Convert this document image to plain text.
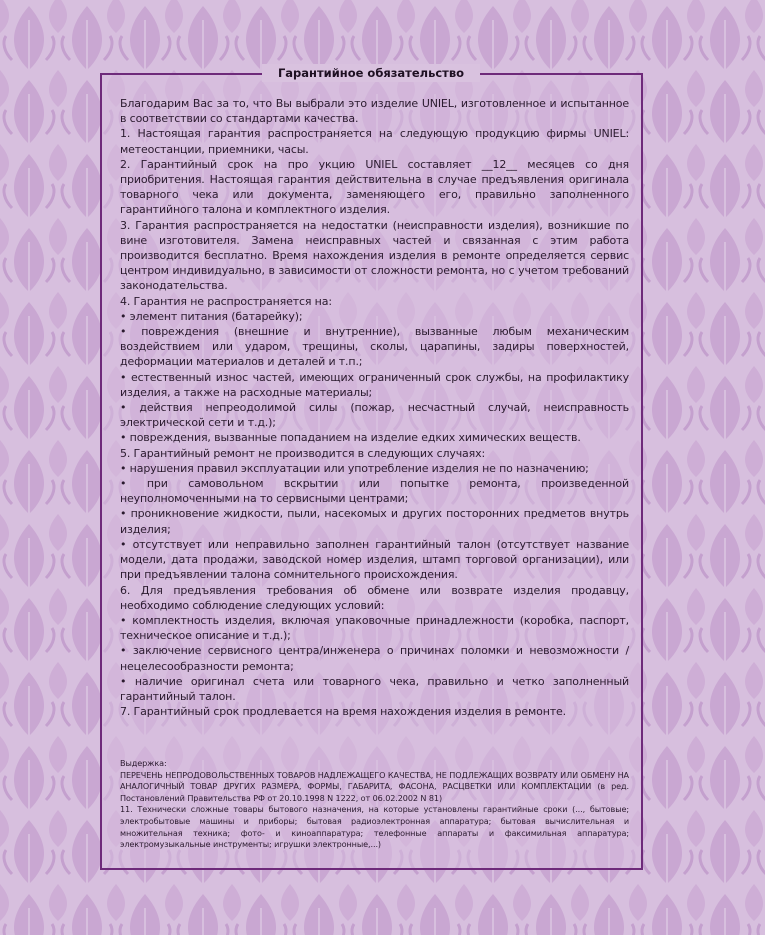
Гарантийное обязательство

Благодарим Вас за то, что Вы выбрали это изделие UNIEL, изготовленное и испытанное в соответствии со стандартами качества.

1. Настоящая гарантия распространяется на следующую продукцию фирмы UNIEL: метеостанции, приемники, часы.

2. Гарантийный срок на про укцию UNIEL составляет __12__ месяцев со дня приобритения. Настоящая гарантия действительна в случае предъявления оригинала товарного чека или документа, заменяющего его, правильно заполненного гарантийного талона и комплектного изделия.

3. Гарантия распространяется на недостатки (неисправности изделия), возникшие по вине изготовителя. Замена неисправных частей и связанная с этим работа производится бесплатно. Время нахождения изделия в ремонте определяется сервис центром индивидуально, в зависимости от сложности ремонта, но с учетом требований законодательства.

4. Гарантия не распространяется на:

• элемент питания (батарейку);

• повреждения (внешние и внутренние), вызванные любым механическим воздействием или ударом, трещины, сколы, царапины, задиры поверхностей, деформации материалов и деталей и т.п.;

• естественный износ частей, имеющих ограниченный срок службы, на профилактику изделия, а также на расходные материалы;

• действия непреодолимой силы (пожар, несчастный случай, неисправность электрической сети и т.д.);

• повреждения, вызванные попаданием на изделие едких химических веществ.

5. Гарантийный ремонт не производится в следующих случаях:

• нарушения правил эксплуатации или употребление изделия не по назначению;

• при самовольном вскрытии или попытке ремонта, произведенной неуполномоченными на то сервисными центрами;

• проникновение жидкости, пыли, насекомых и других посторонних предметов внутрь изделия;

• отсутствует или неправильно заполнен гарантийный талон (отсутствует название модели, дата продажи, заводской номер изделия, штамп торговой организации), или при предъявлении талона сомнительного происхождения.

6. Для предъявления требования об обмене или возврате изделия продавцу, необходимо соблюдение следующих условий:

• комплектность изделия, включая упаковочные принадлежности (коробка, паспорт, техническое описание и т.д.);

• заключение сервисного центра/инженера о причинах поломки и невозможности / нецелесообразности ремонта;

• наличие оригинал счета или товарного чека, правильно и четко заполненный гарантийный талон.

7. Гарантийный срок продлевается на время нахождения изделия в ремонте.

Выдержка:

ПЕРЕЧЕНЬ НЕПРОДОВОЛЬСТВЕННЫХ ТОВАРОВ НАДЛЕЖАЩЕГО КАЧЕСТВА, НЕ ПОДЛЕЖАЩИХ ВОЗВРАТУ ИЛИ ОБМЕНУ НА АНАЛОГИЧНЫЙ ТОВАР ДРУГИХ РАЗМЕРА, ФОРМЫ, ГАБАРИТА, ФАСОНА, РАСЦВЕТКИ ИЛИ КОМПЛЕКТАЦИИ (в ред. Постановлений Правительства РФ от 20.10.1998 N 1222, от 06.02.2002 N 81)

11. Технически сложные товары бытового назначения, на которые установлены гарантийные сроки (..., бытовые; электробытовые машины и приборы; бытовая радиоэлектронная аппаратура; бытовая вычислительная и множительная техника; фото- и киноаппаратура; телефонные аппараты и факсимильная аппаратура; электромузыкальные инструменты; игрушки электронные,...)
